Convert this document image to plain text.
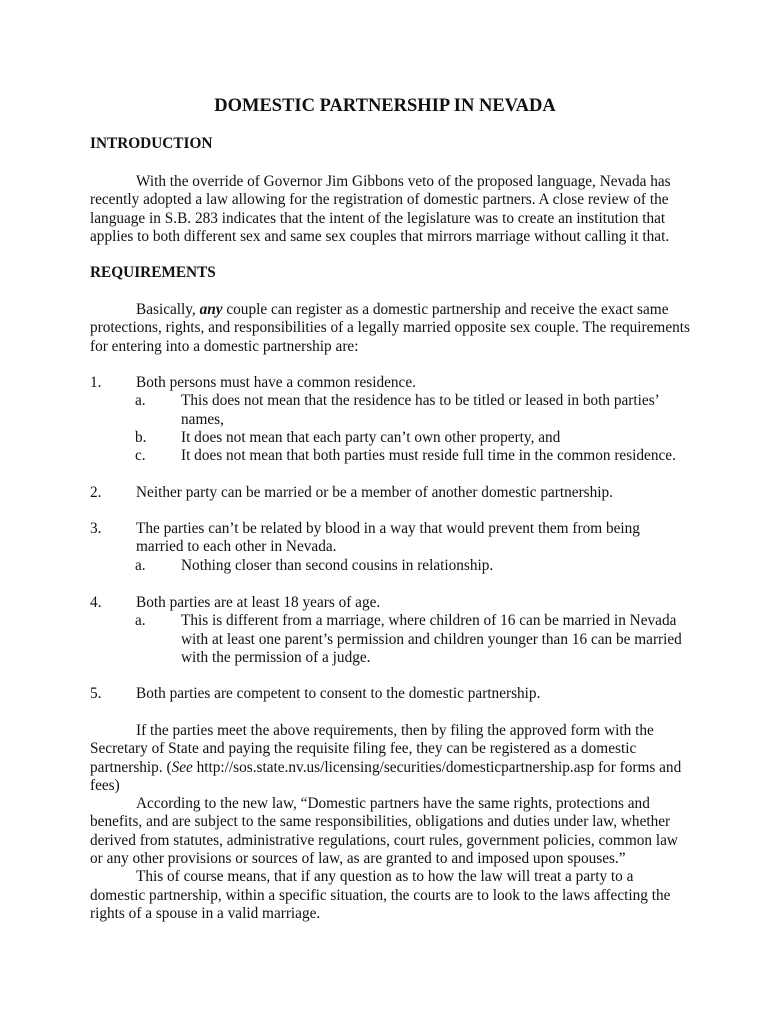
DOMESTIC PARTNERSHIP IN NEVADA
INTRODUCTION

With the override of Governor Jim Gibbons veto of the proposed language, Nevada has recently adopted a law allowing for the registration of domestic partners. A close review of the language in S.B. 283 indicates that the intent of the legislature was to create an institution that applies to both different sex and same sex couples that mirrors marriage without calling it that.

REQUIREMENTS

Basically, any couple can register as a domestic partnership and receive the exact same protections, rights, and responsibilities of a legally married opposite sex couple. The requirements for entering into a domestic partnership are:

1. Both persons must have a common residence.
a. This does not mean that the residence has to be titled or leased in both parties’ names,
b. It does not mean that each party can’t own other property, and
c. It does not mean that both parties must reside full time in the common residence.
2. Neither party can be married or be a member of another domestic partnership.
3. The parties can’t be related by blood in a way that would prevent them from being married to each other in Nevada.
a. Nothing closer than second cousins in relationship.
4. Both parties are at least 18 years of age.
a. This is different from a marriage, where children of 16 can be married in Nevada with at least one parent’s permission and children younger than 16 can be married with the permission of a judge.
5. Both parties are competent to consent to the domestic partnership.

If the parties meet the above requirements, then by filing the approved form with the Secretary of State and paying the requisite filing fee, they can be registered as a domestic partnership. (See http://sos.state.nv.us/licensing/securities/domesticpartnership.asp for forms and fees)

According to the new law, “Domestic partners have the same rights, protections and benefits, and are subject to the same responsibilities, obligations and duties under law, whether derived from statutes, administrative regulations, court rules, government policies, common law or any other provisions or sources of law, as are granted to and imposed upon spouses.”

This of course means, that if any question as to how the law will treat a party to a domestic partnership, within a specific situation, the courts are to look to the laws affecting the rights of a spouse in a valid marriage.
